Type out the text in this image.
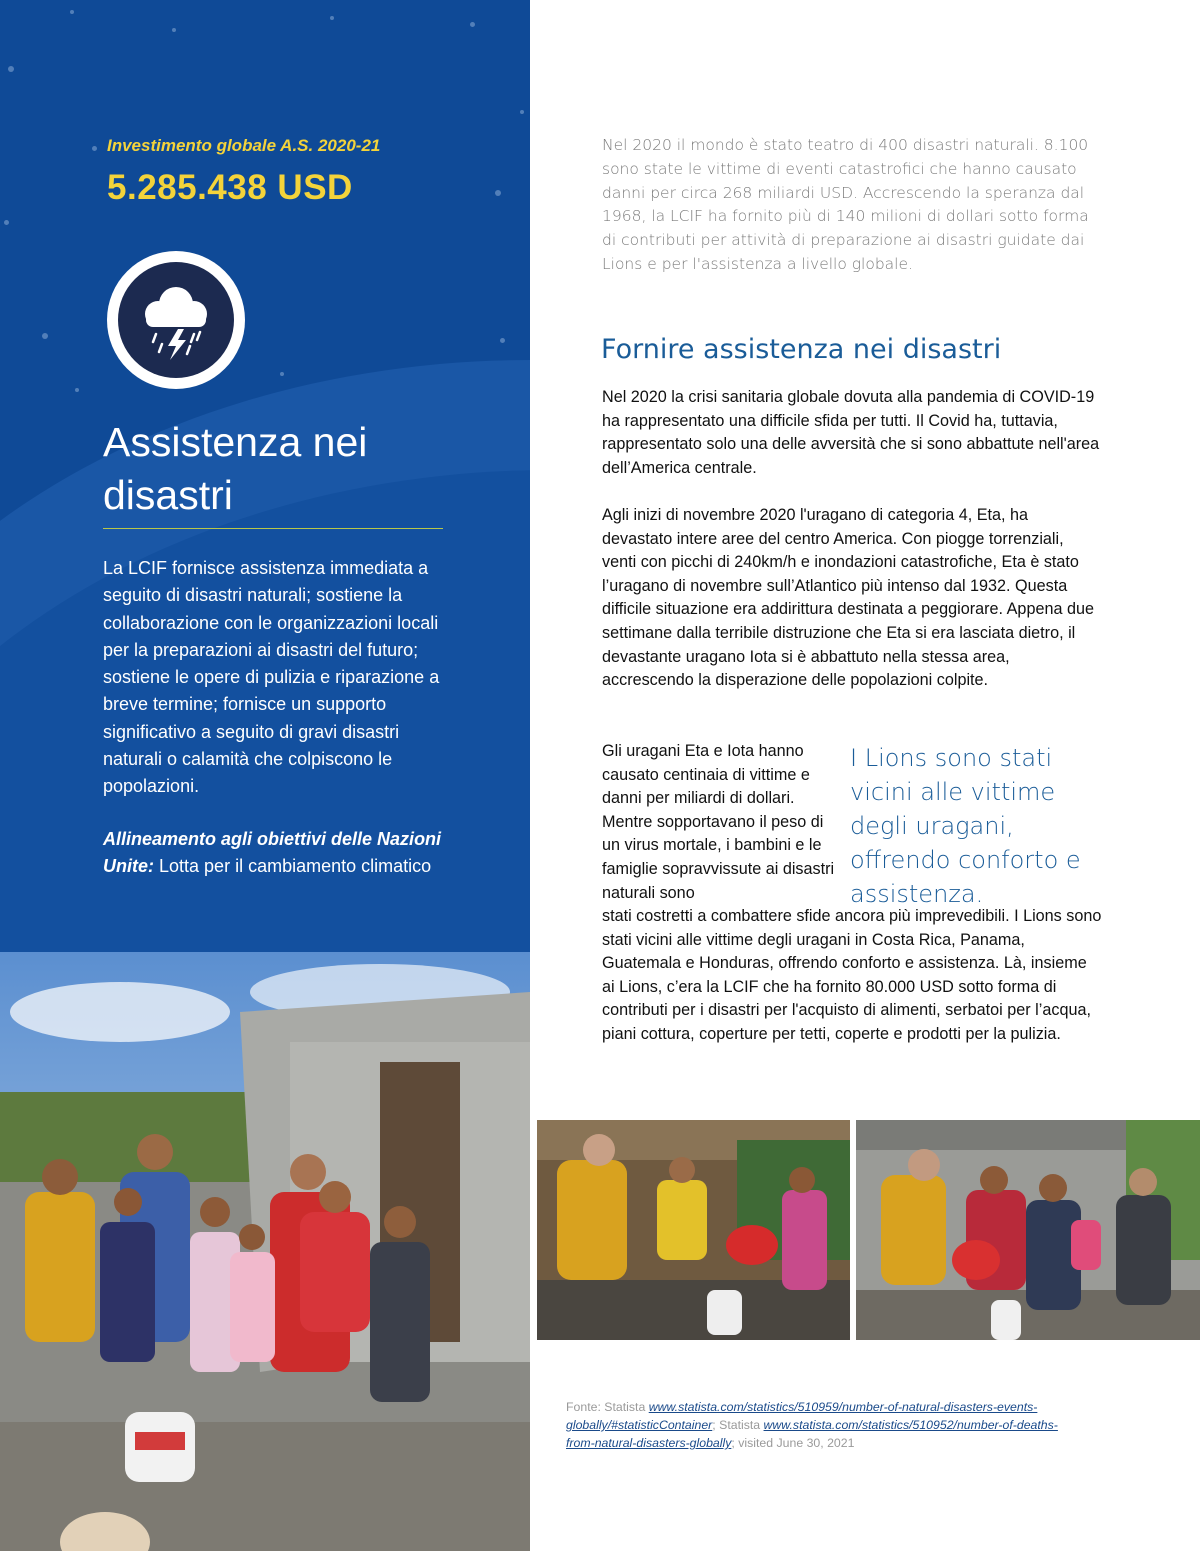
Investimento globale A.S. 2020-21

5.285.438 USD

Assistenza nei disastri

La LCIF fornisce assistenza immediata a seguito di disastri naturali; sostiene la collaborazione con le organizzazioni locali per la preparazioni ai disastri del futuro; sostiene le opere di pulizia e riparazione a breve termine; fornisce un supporto significativo a seguito di gravi disastri naturali o calamità che colpiscono le popolazioni.

Allineamento agli obiettivi delle Nazioni Unite: Lotta per il cambiamento climatico

Nel 2020 il mondo è stato teatro di 400 disastri naturali. 8.100 sono state le vittime di eventi catastrofici che hanno causato danni per circa 268 miliardi USD. Accrescendo la speranza dal 1968, la LCIF ha fornito più di 140 milioni di dollari sotto forma di contributi per attività di preparazione ai disastri guidate dai Lions e per l'assistenza a livello globale.

Fornire assistenza nei disastri

Nel 2020 la crisi sanitaria globale dovuta alla pandemia di COVID-19 ha rappresentato una difficile sfida per tutti. Il Covid ha, tuttavia, rappresentato solo una delle avversità che si sono abbattute nell'area dell’America centrale.

Agli inizi di novembre 2020 l'uragano di categoria 4, Eta, ha devastato intere aree del centro America. Con piogge torrenziali, venti con picchi di 240km/h e inondazioni catastrofiche, Eta è stato l’uragano di novembre sull’Atlantico più intenso dal 1932. Questa difficile situazione era addirittura destinata a peggiorare. Appena due settimane dalla terribile distruzione che Eta si era lasciata dietro, il devastante uragano Iota si è abbattuto nella stessa area, accrescendo la disperazione delle popolazioni colpite.

Gli uragani Eta e Iota hanno causato centinaia di vittime e danni per miliardi di dollari. Mentre sopportavano il peso di un virus mortale, i bambini e le famiglie sopravvissute ai disastri naturali sono

I Lions sono stati vicini alle vittime degli uragani, offrendo conforto e assistenza.

stati costretti a combattere sfide ancora più imprevedibili. I Lions sono stati vicini alle vittime degli uragani in Costa Rica, Panama, Guatemala e Honduras, offrendo conforto e assistenza. Là, insieme ai Lions, c’era la LCIF che ha fornito 80.000 USD sotto forma di contributi per i disastri per l'acquisto di alimenti, serbatoi per l’acqua, piani cottura, coperture per tetti, coperte e prodotti per la pulizia.

Fonte: Statista www.statista.com/statistics/510959/number-of-natural-disasters-events-globally/#statisticContainer; Statista www.statista.com/statistics/510952/number-of-deaths-from-natural-disasters-globally; visited June 30, 2021
